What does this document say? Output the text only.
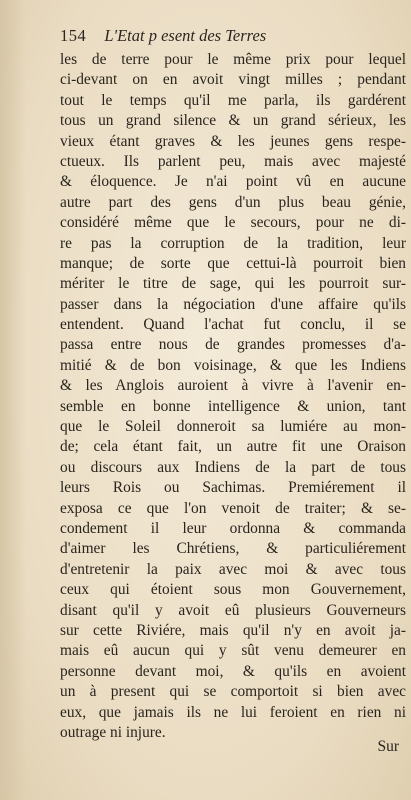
154 L'Etat p esent des Terres
les de terre pour le même prix pour lequel
ci-devant on en avoit vingt milles ; pendant
tout le temps qu'il me parla, ils gardérent
tous un grand silence & un grand sérieux, les
vieux étant graves & les jeunes gens respe-
ctueux. Ils parlent peu, mais avec majesté
& éloquence. Je n'ai point vû en aucune
autre part des gens d'un plus beau génie,
considéré même que le secours, pour ne di-
re pas la corruption de la tradition, leur
manque; de sorte que cettui-là pourroit bien
mériter le titre de sage, qui les pourroit sur-
passer dans la négociation d'une affaire qu'ils
entendent. Quand l'achat fut conclu, il se
passa entre nous de grandes promesses d'a-
mitié & de bon voisinage, & que les Indiens
& les Anglois auroient à vivre à l'avenir en-
semble en bonne intelligence & union, tant
que le Soleil donneroit sa lumiére au mon-
de; cela étant fait, un autre fit une Oraison
ou discours aux Indiens de la part de tous
leurs Rois ou Sachimas. Premiérement il
exposa ce que l'on venoit de traiter; & se-
condement il leur ordonna & commanda
d'aimer les Chrétiens, & particuliérement
d'entretenir la paix avec moi & avec tous
ceux qui étoient sous mon Gouvernement,
disant qu'il y avoit eû plusieurs Gouverneurs
sur cette Riviére, mais qu'il n'y en avoit ja-
mais eû aucun qui y sût venu demeurer en
personne devant moi, & qu'ils en avoient
un à present qui se comportoit si bien avec
eux, que jamais ils ne lui feroient en rien ni
outrage ni injure.
Sur
